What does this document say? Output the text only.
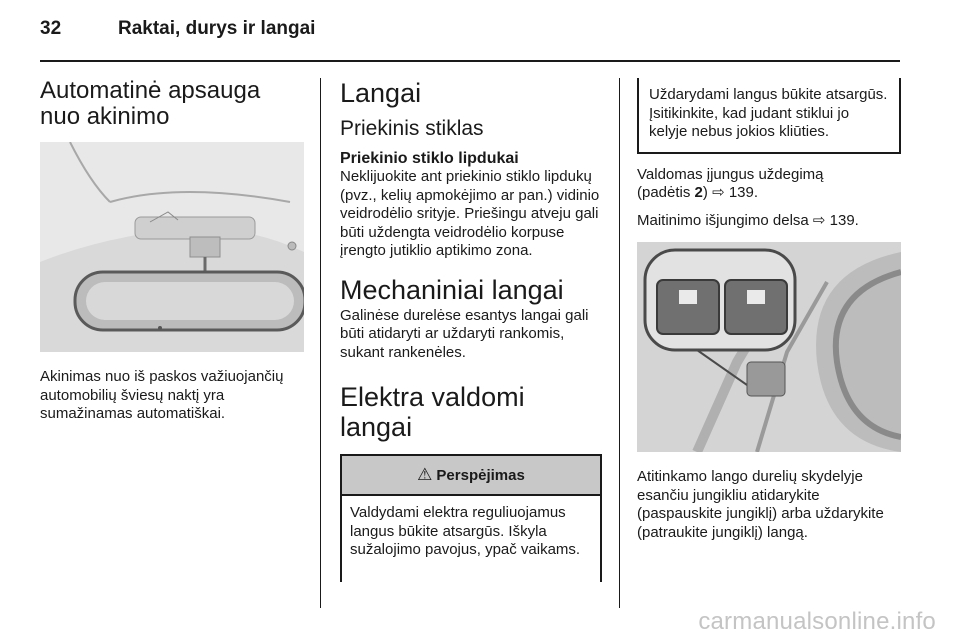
32	Raktai, durys ir langai
Automatinė apsauga nuo akinimo

Akinimas nuo iš paskos važiuojančių automobilių šviesų naktį yra sumažinamas automatiškai.

Langai
Priekinis stiklas
Priekinio stiklo lipdukai

Neklijuokite ant priekinio stiklo lipdukų (pvz., kelių apmokėjimo ar pan.) vidinio veidrodėlio srityje. Priešingu atveju gali būti uždengta veidrodėlio korpuse įrengto jutiklio aptikimo zona.

Mechaniniai langai

Galinėse durelėse esantys langai gali būti atidaryti ar uždaryti rankomis, sukant rankenėles.

Elektra valdomi langai
⚠ Perspėjimas

Valdydami elektra reguliuojamus langus būkite atsargūs. Iškyla sužalojimo pavojus, ypač vaikams.

Uždarydami langus būkite atsargūs. Įsitikinkite, kad judant stiklui jo kelyje nebus jokios kliūties.

Valdomas įjungus uždegimą
(padėtis 2) ⇨ 139.

Maitinimo išjungimo delsa ⇨ 139.

Atitinkamo lango durelių skydelyje esančiu jungikliu atidarykite (paspauskite jungiklį) arba uždarykite (patraukite jungiklį) langą.

carmanualsonline.info
